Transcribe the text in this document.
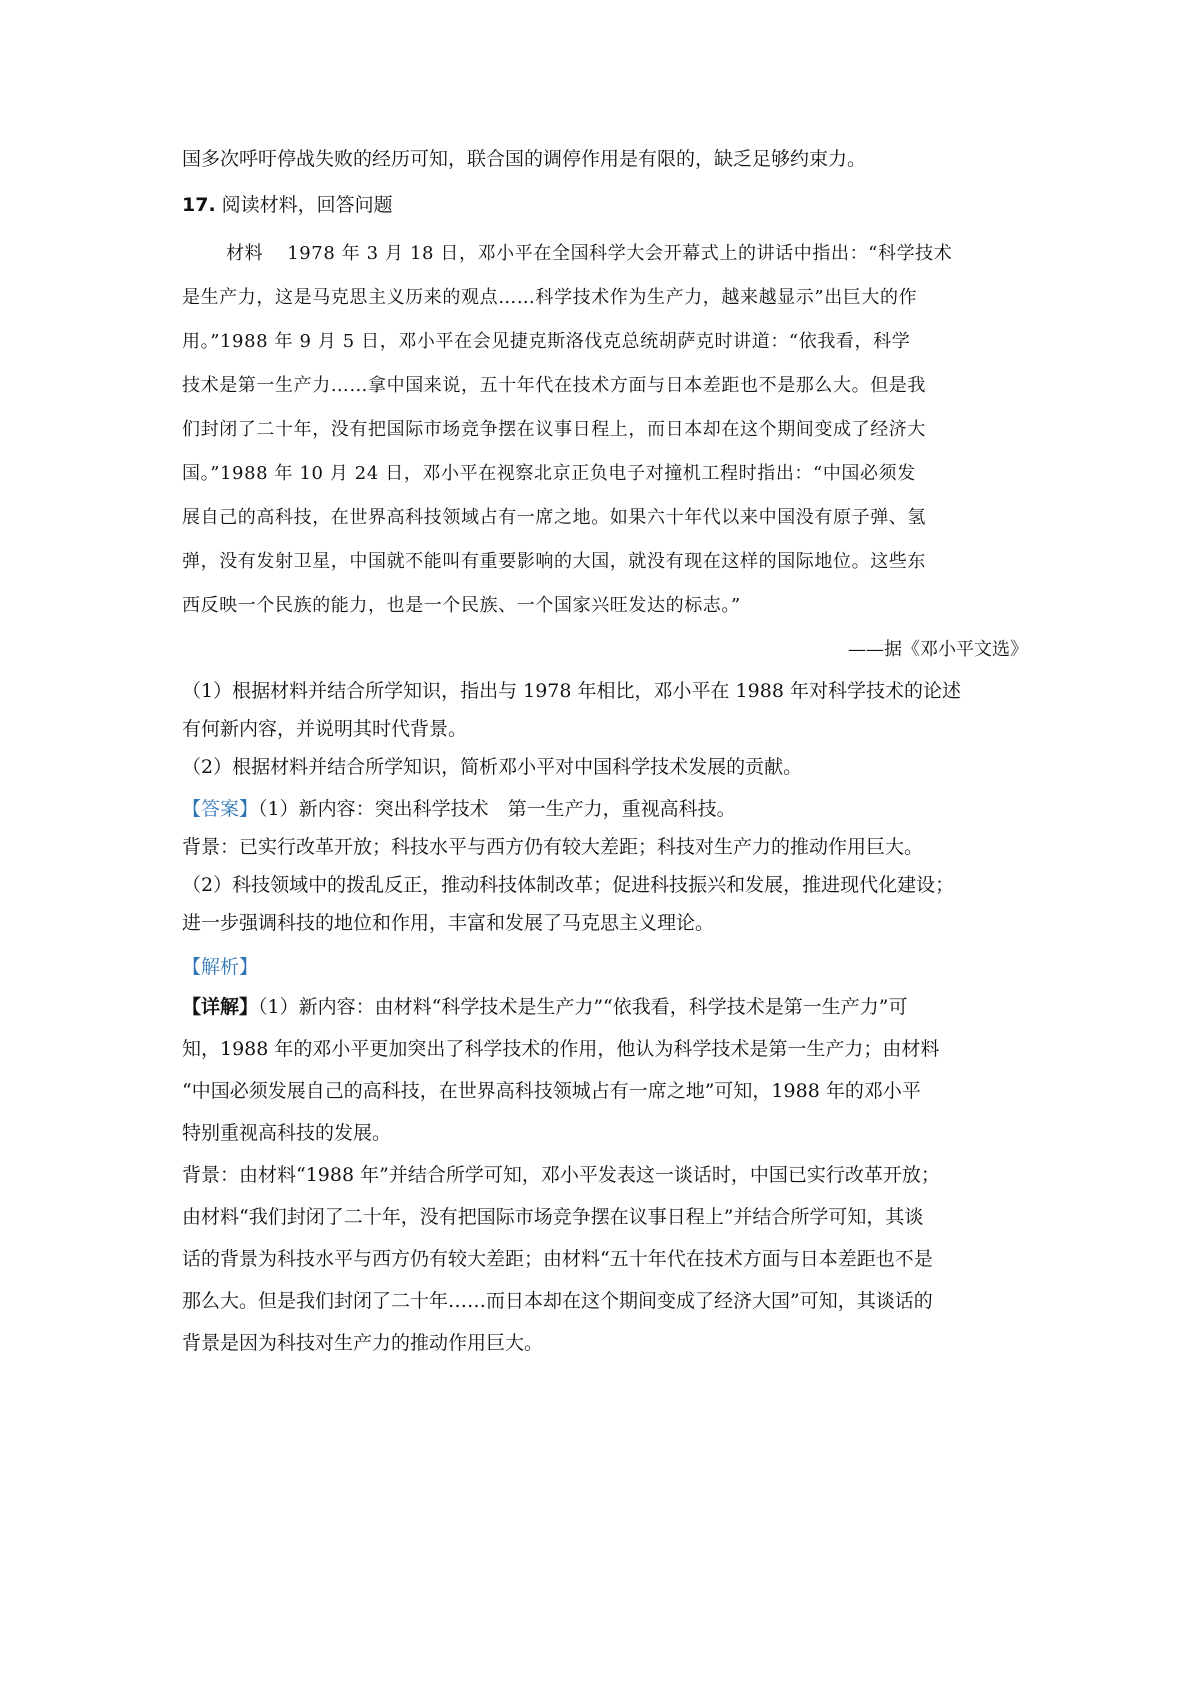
国多次呼吁停战失败的经历可知，联合国的调停作用是有限的，缺乏足够约束力。

17. 阅读材料，回答问题

材料 1978 年 3 月 18 日，邓小平在全国科学大会开幕式上的讲话中指出：“科学技术

是生产力，这是马克思主义历来的观点……科学技术作为生产力，越来越显示”出巨大的作

用。”1988 年 9 月 5 日，邓小平在会见捷克斯洛伐克总统胡萨克时讲道：“依我看，科学

技术是第一生产力……拿中国来说，五十年代在技术方面与日本差距也不是那么大。但是我

们封闭了二十年，没有把国际市场竞争摆在议事日程上，而日本却在这个期间变成了经济大

国。”1988 年 10 月 24 日，邓小平在视察北京正负电子对撞机工程时指出：“中国必须发

展自己的高科技，在世界高科技领域占有一席之地。如果六十年代以来中国没有原子弹、氢

弹，没有发射卫星，中国就不能叫有重要影响的大国，就没有现在这样的国际地位。这些东

西反映一个民族的能力，也是一个民族、一个国家兴旺发达的标志。”

——据《邓小平文选》

（1）根据材料并结合所学知识，指出与 1978 年相比，邓小平在 1988 年对科学技术的论述

有何新内容，并说明其时代背景。

（2）根据材料并结合所学知识，简析邓小平对中国科学技术发展的贡献。

【答案】（1）新内容：突出科学技术　第一生产力，重视高科技。

背景：已实行改革开放；科技水平与西方仍有较大差距；科技对生产力的推动作用巨大。

（2）科技领域中的拨乱反正，推动科技体制改革；促进科技振兴和发展，推进现代化建设；

进一步强调科技的地位和作用，丰富和发展了马克思主义理论。

【解析】

【详解】（1）新内容：由材料“科学技术是生产力”“依我看，科学技术是第一生产力”可

知，1988 年的邓小平更加突出了科学技术的作用，他认为科学技术是第一生产力；由材料

“中国必须发展自己的高科技，在世界高科技领城占有一席之地”可知，1988 年的邓小平

特别重视高科技的发展。

背景：由材料“1988 年”并结合所学可知，邓小平发表这一谈话时，中国已实行改革开放；

由材料“我们封闭了二十年，没有把国际市场竞争摆在议事日程上”并结合所学可知，其谈

话的背景为科技水平与西方仍有较大差距；由材料“五十年代在技术方面与日本差距也不是

那么大。但是我们封闭了二十年……而日本却在这个期间变成了经济大国”可知，其谈话的

背景是因为科技对生产力的推动作用巨大。
